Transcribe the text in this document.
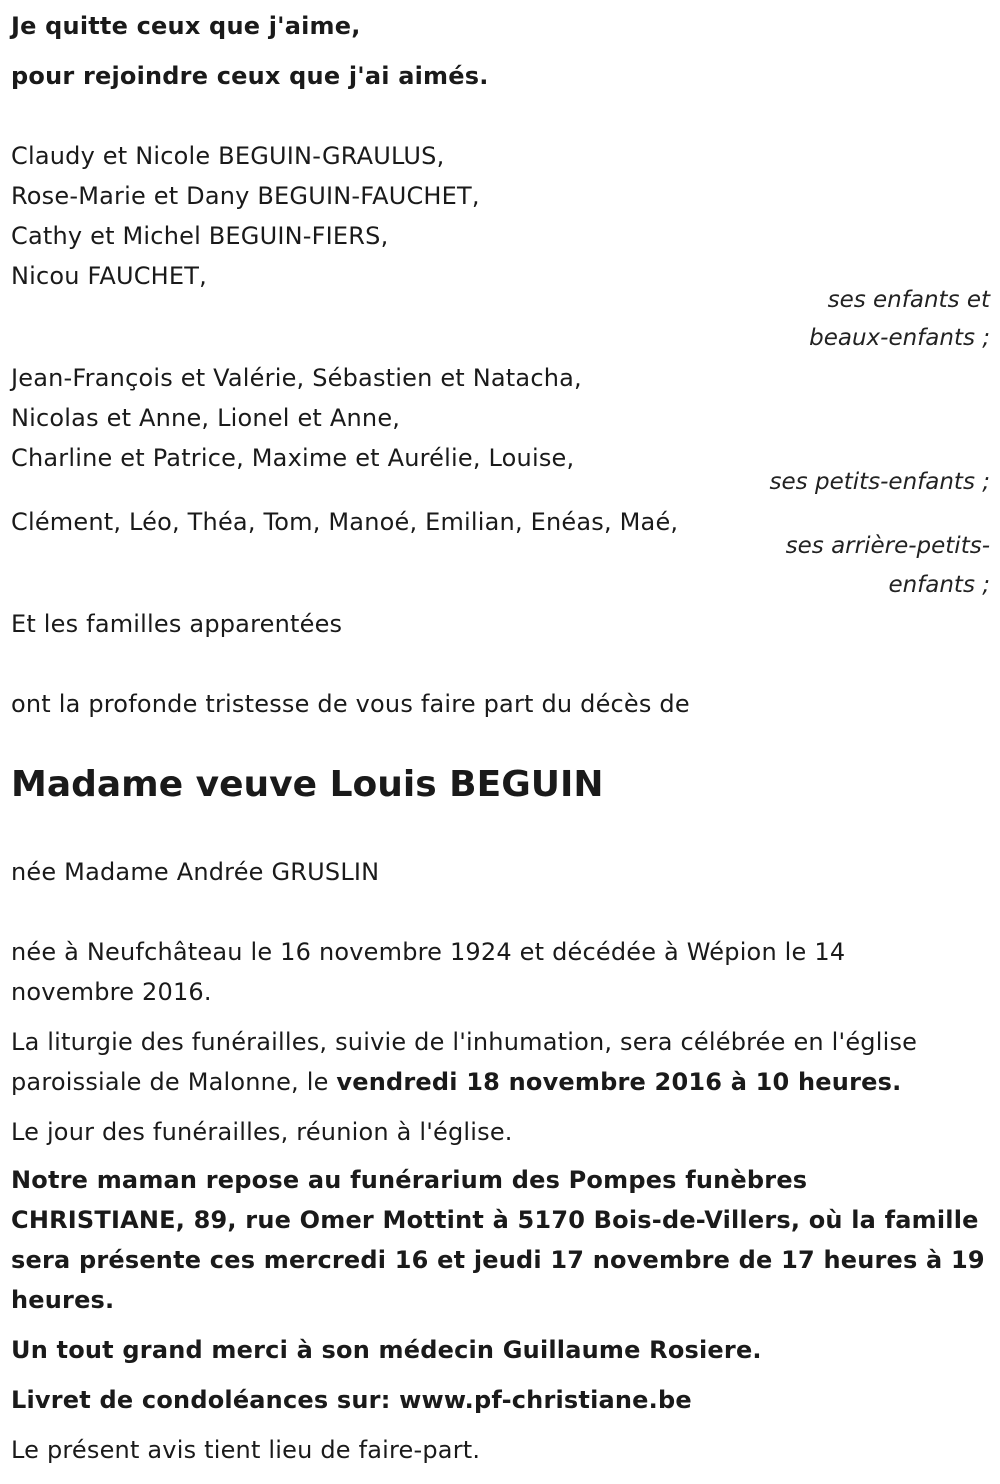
Je quitte ceux que j'aime,
pour rejoindre ceux que j'ai aimés.
Claudy et Nicole BEGUIN-GRAULUS,
Rose-Marie et Dany BEGUIN-FAUCHET,
Cathy et Michel BEGUIN-FIERS,
Nicou FAUCHET,
ses enfants et
beaux-enfants ;
Jean-François et Valérie, Sébastien et Natacha,
Nicolas et Anne, Lionel et Anne,
Charline et Patrice, Maxime et Aurélie, Louise,
ses petits-enfants ;
Clément, Léo, Théa, Tom, Manoé, Emilian, Enéas, Maé,
ses arrière-petits-
enfants ;
Et les familles apparentées
ont la profonde tristesse de vous faire part du décès de
Madame veuve Louis BEGUIN
née Madame Andrée GRUSLIN
née à Neufchâteau le 16 novembre 1924 et décédée à Wépion le 14
novembre 2016.
La liturgie des funérailles, suivie de l'inhumation, sera célébrée en l'église
paroissiale de Malonne, le vendredi 18 novembre 2016 à 10 heures.
Le jour des funérailles, réunion à l'église.
Notre maman repose au funérarium des Pompes funèbres
CHRISTIANE, 89, rue Omer Mottint à 5170 Bois-de-Villers, où la famille
sera présente ces mercredi 16 et jeudi 17 novembre de 17 heures à 19
heures.
Un tout grand merci à son médecin Guillaume Rosiere.
Livret de condoléances sur: www.pf-christiane.be
Le présent avis tient lieu de faire-part.
